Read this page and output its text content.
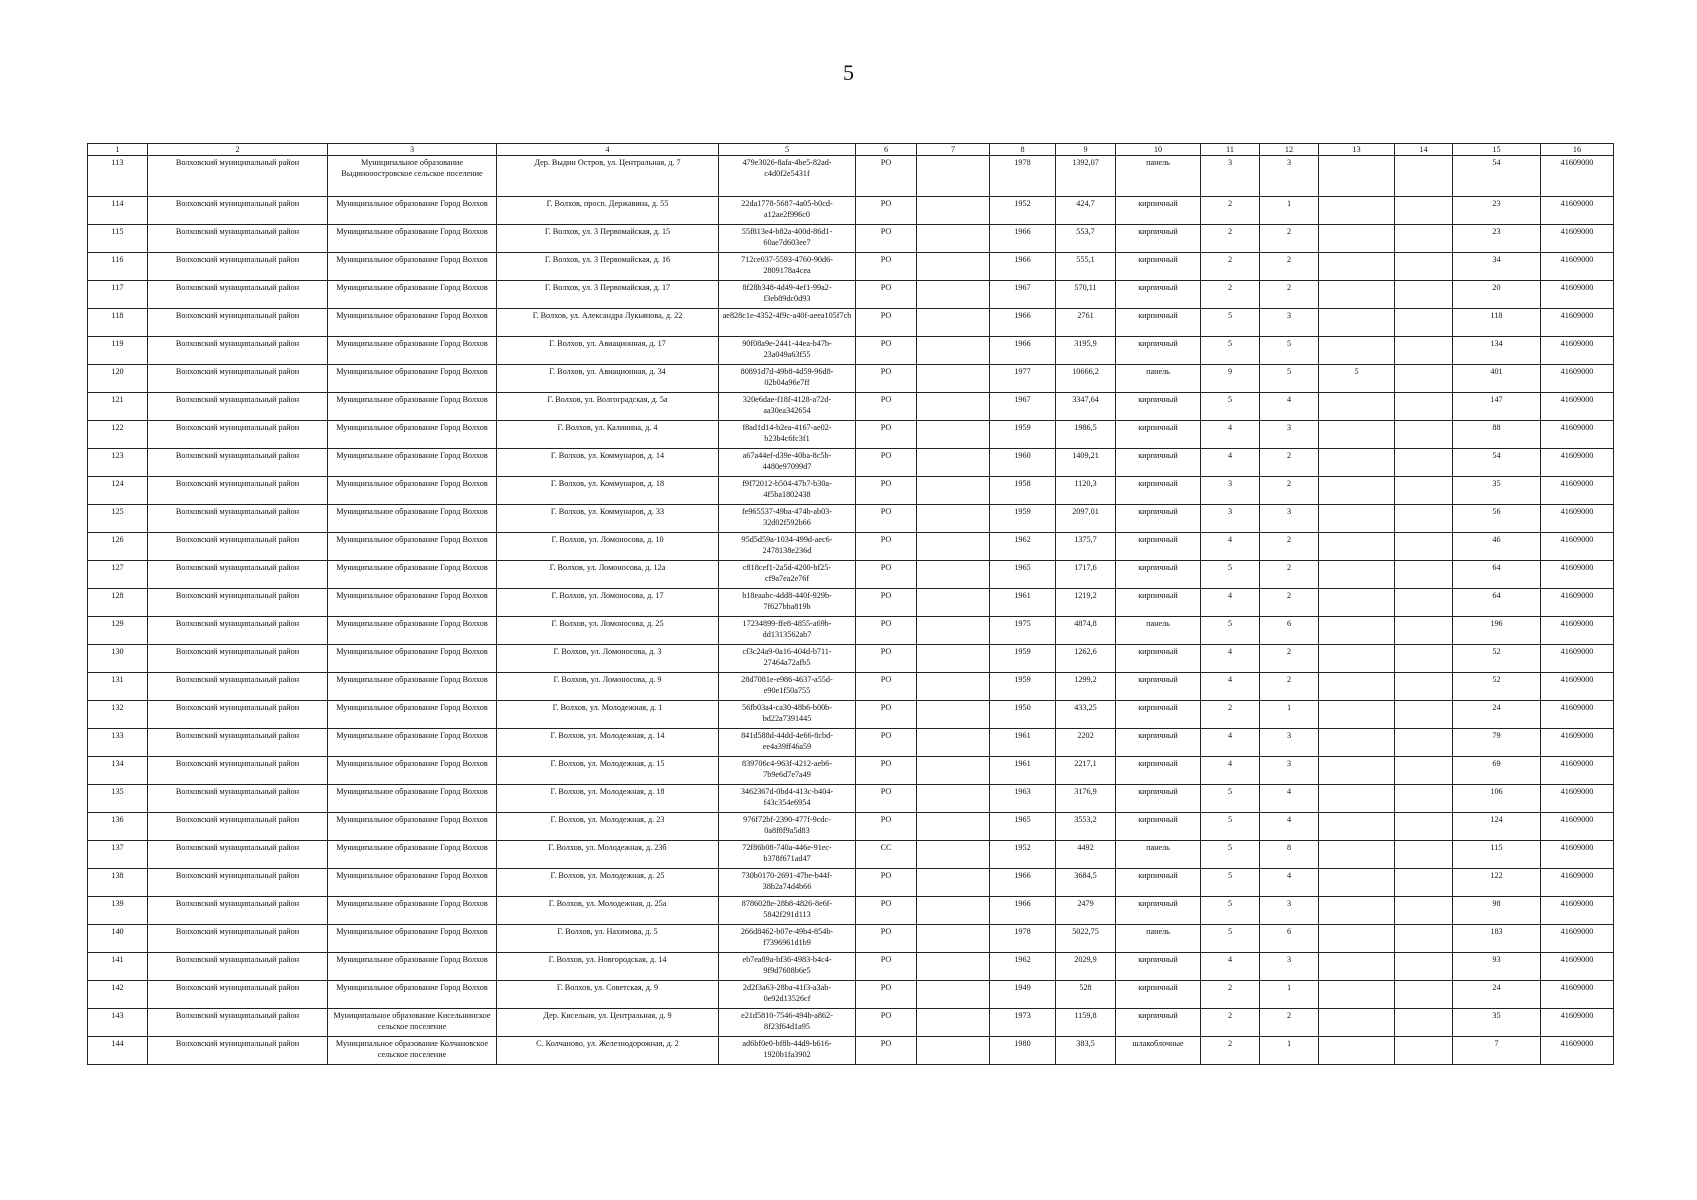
5
1	2	3	4	5	6	7	8	9	10	11	12	13	14	15	16
113	Волховский муниципальный район	Муниципальное образование Выдинооостровское сельское поселение	Дер. Выдин Остров, ул. Центральная, д. 7	479e3026-8afa-4be5-82ad-c4d0f2e5431f	РО		1978	1392,07	панель	3	3			54	41609000
114	Волховский муниципальный район	Муниципальное образование Город Волхов	Г. Волхов, просп. Державина, д. 55	22da1778-5687-4a05-b0cd-a12ae2f996c0	РО		1952	424,7	кирпичный	2	1			23	41609000
115	Волховский муниципальный район	Муниципальное образование Город Волхов	Г. Волхов, ул. 3 Первомайская, д. 15	55f813e4-b82a-400d-86d1-60ae7d603ee7	РО		1966	553,7	кирпичный	2	2			23	41609000
116	Волховский муниципальный район	Муниципальное образование Город Волхов	Г. Волхов, ул. 3 Первомайская, д. 16	712ce037-5593-4760-90d6-2809178a4cea	РО		1966	555,1	кирпичный	2	2			34	41609000
117	Волховский муниципальный район	Муниципальное образование Город Волхов	Г. Волхов, ул. 3 Первомайская, д. 17	8f28b348-4d49-4ef1-99a2-f3eb89dc0d93	РО		1967	570,11	кирпичный	2	2			20	41609000
118	Волховский муниципальный район	Муниципальное образование Город Волхов	Г. Волхов, ул. Александра Лукьянова, д. 22	ae828c1e-4352-4f9c-a40f-aeea105f7cb	РО		1966	2761	кирпичный	5	3			118	41609000
119	Волховский муниципальный район	Муниципальное образование Город Волхов	Г. Волхов, ул. Авиационная, д. 17	90f08a9e-2441-44ea-b47b-23a049a63f55	РО		1966	3195,9	кирпичный	5	5			134	41609000
120	Волховский муниципальный район	Муниципальное образование Город Волхов	Г. Волхов, ул. Авиационная, д. 34	80891d7d-49b8-4d59-96d8-02b04a96e7ff	РО		1977	10666,2	панель	9	5	5		401	41609000
121	Волховский муниципальный район	Муниципальное образование Город Волхов	Г. Волхов, ул. Волгоградская, д. 5а	320e6dae-f18f-4128-a72d-aa30ea342654	РО		1967	3347,64	кирпичный	5	4			147	41609000
122	Волховский муниципальный район	Муниципальное образование Город Волхов	Г. Волхов, ул. Калинина, д. 4	f8ad1d14-b2ea-4167-ae02-b23b4c6fc3f1	РО		1959	1986,5	кирпичный	4	3			88	41609000
123	Волховский муниципальный район	Муниципальное образование Город Волхов	Г. Волхов, ул. Коммунаров, д. 14	a67a44ef-d39e-40ba-8c5b-4480e97099d7	РО		1960	1409,21	кирпичный	4	2			54	41609000
124	Волховский муниципальный район	Муниципальное образование Город Волхов	Г. Волхов, ул. Коммунаров, д. 18	f9f72012-b504-47b7-b30a-4f5ba1802438	РО		1958	1120,3	кирпичный	3	2			35	41609000
125	Волховский муниципальный район	Муниципальное образование Город Волхов	Г. Волхов, ул. Коммунаров, д. 33	fe965537-49ba-474b-ab03-32d02f592b66	РО		1959	2097,01	кирпичный	3	3			56	41609000
126	Волховский муниципальный район	Муниципальное образование Город Волхов	Г. Волхов, ул. Ломоносова, д. 10	95d5d59a-1034-499d-aec6-2478138e236d	РО		1962	1375,7	кирпичный	4	2			46	41609000
127	Волховский муниципальный район	Муниципальное образование Город Волхов	Г. Волхов, ул. Ломоносова, д. 12а	c818cef1-2a5d-4200-bf25-cf9a7ea2e76f	РО		1965	1717,6	кирпичный	5	2			64	41609000
128	Волховский муниципальный район	Муниципальное образование Город Волхов	Г. Волхов, ул. Ломоносова, д. 17	b18eaabc-4dd8-440f-929b-7f627bba819b	РО		1961	1219,2	кирпичный	4	2			64	41609000
129	Волховский муниципальный район	Муниципальное образование Город Волхов	Г. Волхов, ул. Ломоносова, д. 25	17234899-ffe8-4855-a69b-dd1313562ab7	РО		1975	4874,8	панель	5	6			196	41609000
130	Волховский муниципальный район	Муниципальное образование Город Волхов	Г. Волхов, ул. Ломоносова, д. 3	cf3c24a9-0a16-404d-b711-27464a72afb5	РО		1959	1262,6	кирпичный	4	2			52	41609000
131	Волховский муниципальный район	Муниципальное образование Город Волхов	Г. Волхов, ул. Ломоносова, д. 9	28d7081e-e986-4637-a55d-e90e1f50a755	РО		1959	1299,2	кирпичный	4	2			52	41609000
132	Волховский муниципальный район	Муниципальное образование Город Волхов	Г. Волхов, ул. Молодежная, д. 1	56fb03a4-ca30-48b6-b00b-bd22a7391445	РО		1950	433,25	кирпичный	2	1			24	41609000
133	Волховский муниципальный район	Муниципальное образование Город Волхов	Г. Волхов, ул. Молодежная, д. 14	841d588d-44dd-4e66-8cbd-ee4a39ff46a59	РО		1961	2202	кирпичный	4	3			79	41609000
134	Волховский муниципальный район	Муниципальное образование Город Волхов	Г. Волхов, ул. Молодежная, д. 15	839706c4-963f-4212-aeb6-7b9e6d7e7a49	РО		1961	2217,1	кирпичный	4	3			69	41609000
135	Волховский муниципальный район	Муниципальное образование Город Волхов	Г. Волхов, ул. Молодежная, д. 18	3462367d-0bd4-413c-b404-f43c354e6954	РО		1963	3176,9	кирпичный	5	4			106	41609000
136	Волховский муниципальный район	Муниципальное образование Город Волхов	Г. Волхов, ул. Молодежная, д. 23	976f72bf-2390-477f-9cdc-0a8f8f9a5d83	РО		1965	3553,2	кирпичный	5	4			124	41609000
137	Волховский муниципальный район	Муниципальное образование Город Волхов	Г. Волхов, ул. Молодежная, д. 23б	72f86b08-740a-446e-91ec-b378f671ad47	СС		1952	4492	панель	5	8			115	41609000
138	Волховский муниципальный район	Муниципальное образование Город Волхов	Г. Волхов, ул. Молодежная, д. 25	730b0170-2691-47be-b44f-38b2a74d4b66	РО		1966	3684,5	кирпичный	5	4			122	41609000
139	Волховский муниципальный район	Муниципальное образование Город Волхов	Г. Волхов, ул. Молодежная, д. 25а	8786028e-28b8-4826-8e6f-5842f291d113	РО		1966	2479	кирпичный	5	3			98	41609000
140	Волховский муниципальный район	Муниципальное образование Город Волхов	Г. Волхов, ул. Нахимова, д. 5	266d8462-b07e-49b4-854b-f7396961d1b9	РО		1978	5022,75	панель	5	6			183	41609000
141	Волховский муниципальный район	Муниципальное образование Город Волхов	Г. Волхов, ул. Новгородская, д. 14	eb7ea89a-bf36-4983-b4c4-9f9d7608b6e5	РО		1962	2029,9	кирпичный	4	3			93	41609000
142	Волховский муниципальный район	Муниципальное образование Город Волхов	Г. Волхов, ул. Советская, д. 9	2d2f3a63-28ba-41f3-a3ab-0e92d13526cf	РО		1949	528	кирпичный	2	1			24	41609000
143	Волховский муниципальный район	Муниципальное образование Кисельнинское сельское поселение	Дер. Кисельня, ул. Центральная, д. 9	e21d5810-7546-494b-a862-8f23f64d1a95	РО		1973	1159,8	кирпичный	2	2			35	41609000
144	Волховский муниципальный район	Муниципальное образование Колчановское сельское поселение	С. Колчаново, ул. Железнодорожная, д. 2	ad6bf0e0-bf8b-44d9-b616-1920b1fa3902	РО		1980	383,5	шлакоблочные	2	1			7	41609000
